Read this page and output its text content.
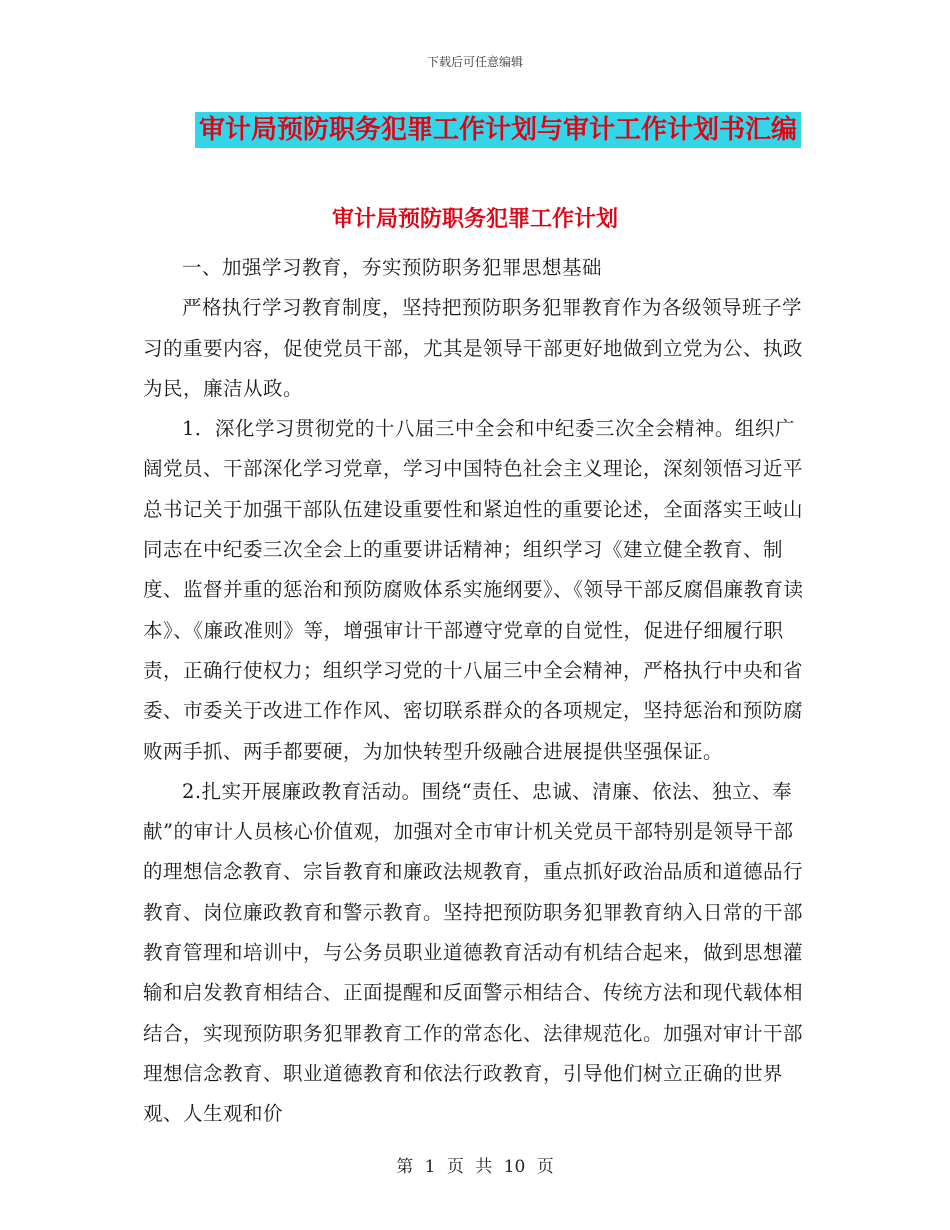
下载后可任意编辑
审计局预防职务犯罪工作计划与审计工作计划书汇编
审计局预防职务犯罪工作计划

一、加强学习教育，夯实预防职务犯罪思想基础

严格执行学习教育制度，坚持把预防职务犯罪教育作为各级领导班子学习的重要内容，促使党员干部，尤其是领导干部更好地做到立党为公、执政为民，廉洁从政。

1．深化学习贯彻党的十八届三中全会和中纪委三次全会精神。组织广阔党员、干部深化学习党章，学习中国特色社会主义理论，深刻领悟习近平总书记关于加强干部队伍建设重要性和紧迫性的重要论述，全面落实王岐山同志在中纪委三次全会上的重要讲话精神；组织学习《建立健全教育、制度、监督并重的惩治和预防腐败体系实施纲要》、《领导干部反腐倡廉教育读本》、《廉政准则》等，增强审计干部遵守党章的自觉性，促进仔细履行职责，正确行使权力；组织学习党的十八届三中全会精神，严格执行中央和省委、市委关于改进工作作风、密切联系群众的各项规定，坚持惩治和预防腐败两手抓、两手都要硬，为加快转型升级融合进展提供坚强保证。

2.扎实开展廉政教育活动。围绕“责任、忠诚、清廉、依法、独立、奉献”的审计人员核心价值观，加强对全市审计机关党员干部特别是领导干部的理想信念教育、宗旨教育和廉政法规教育，重点抓好政治品质和道德品行教育、岗位廉政教育和警示教育。坚持把预防职务犯罪教育纳入日常的干部教育管理和培训中，与公务员职业道德教育活动有机结合起来，做到思想灌输和启发教育相结合、正面提醒和反面警示相结合、传统方法和现代载体相结合，实现预防职务犯罪教育工作的常态化、法律规范化。加强对审计干部理想信念教育、职业道德教育和依法行政教育，引导他们树立正确的世界观、人生观和价

第 1 页 共 10 页
